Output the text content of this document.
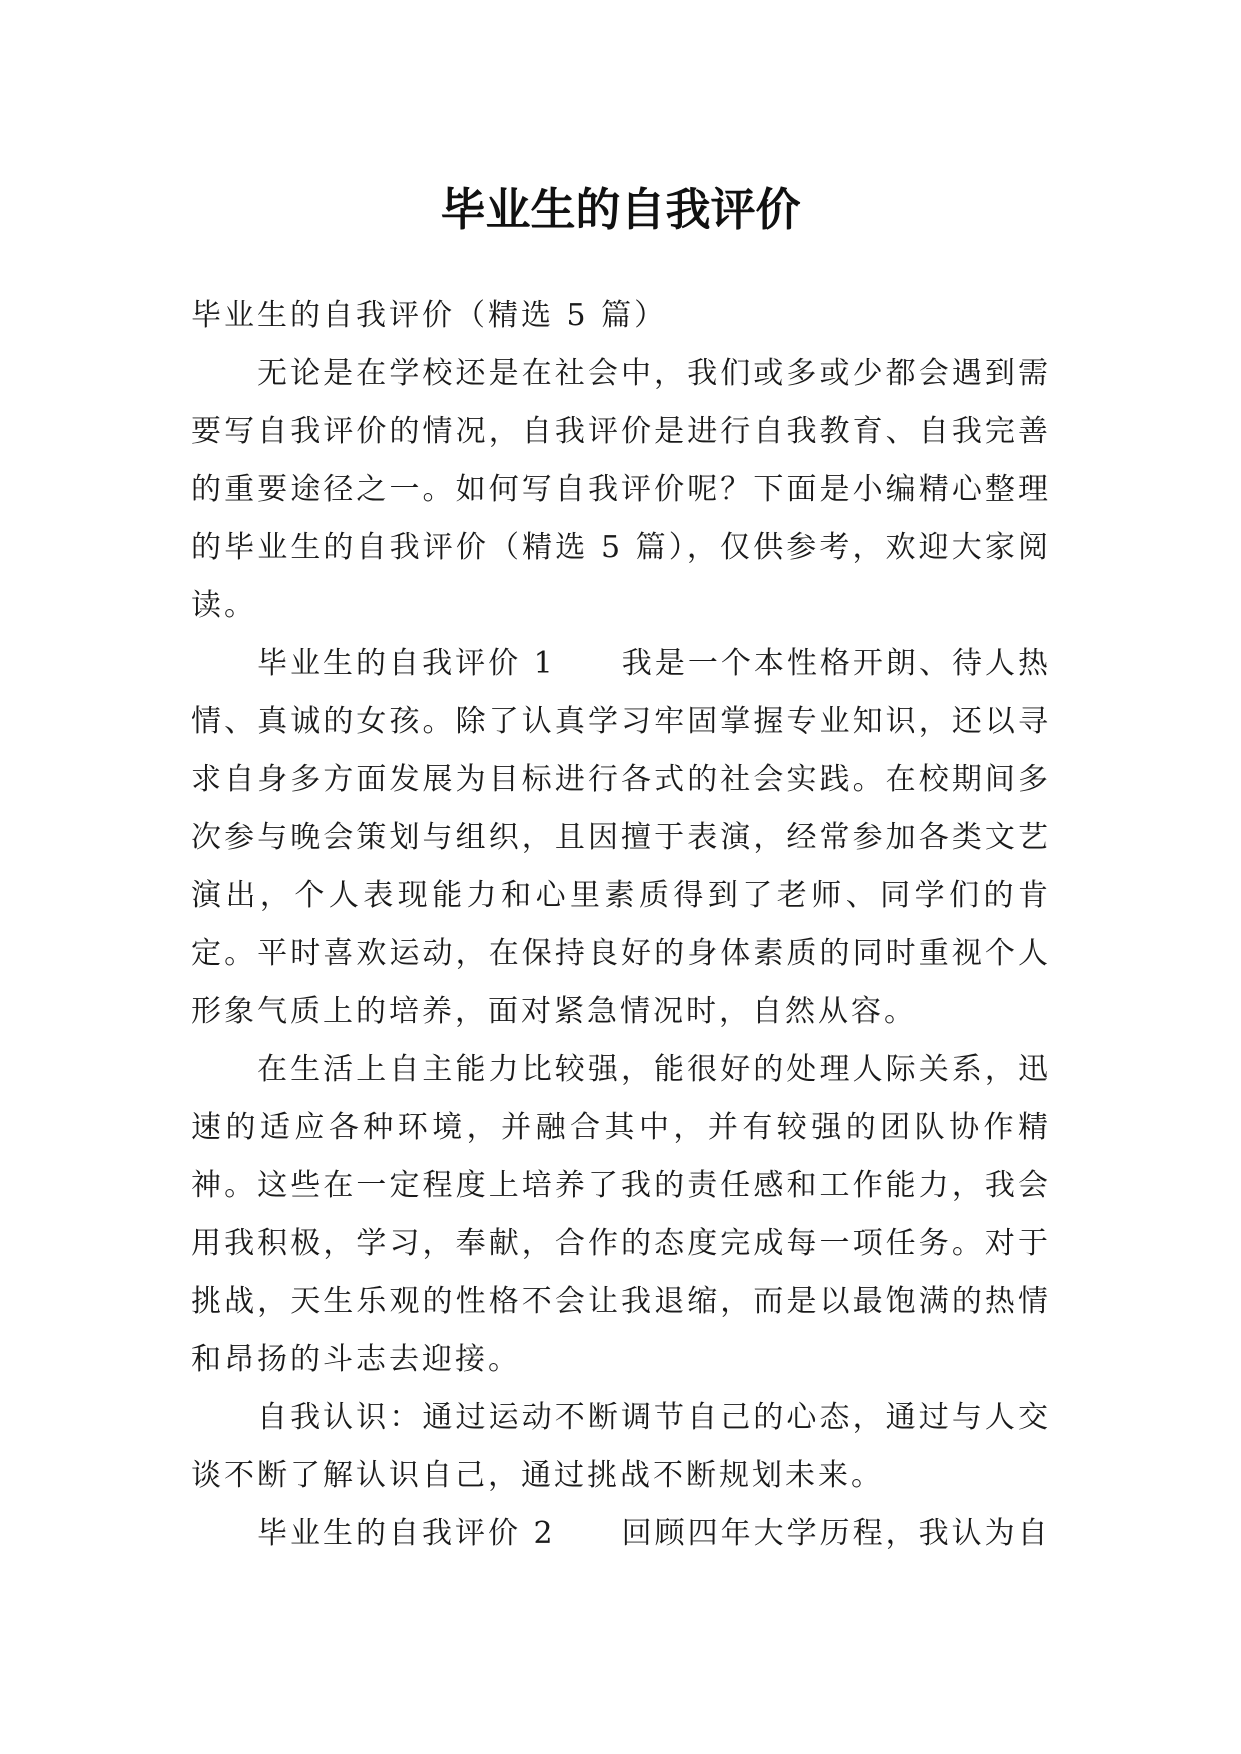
毕业生的自我评价

毕业生的自我评价（精选 5 篇）

无论是在学校还是在社会中，我们或多或少都会遇到需要写自我评价的情况，自我评价是进行自我教育、自我完善的重要途径之一。如何写自我评价呢？下面是小编精心整理的毕业生的自我评价（精选 5 篇），仅供参考，欢迎大家阅读。

毕业生的自我评价 1　　我是一个本性格开朗、待人热情、真诚的女孩。除了认真学习牢固掌握专业知识，还以寻求自身多方面发展为目标进行各式的社会实践。在校期间多次参与晚会策划与组织，且因擅于表演，经常参加各类文艺演出，个人表现能力和心里素质得到了老师、同学们的肯定。平时喜欢运动，在保持良好的身体素质的同时重视个人形象气质上的培养，面对紧急情况时，自然从容。

在生活上自主能力比较强，能很好的处理人际关系，迅速的适应各种环境，并融合其中，并有较强的团队协作精神。这些在一定程度上培养了我的责任感和工作能力，我会用我积极，学习，奉献，合作的态度完成每一项任务。对于挑战，天生乐观的性格不会让我退缩，而是以最饱满的热情和昂扬的斗志去迎接。

自我认识：通过运动不断调节自己的心态，通过与人交谈不断了解认识自己，通过挑战不断规划未来。

毕业生的自我评价 2　　回顾四年大学历程，我认为自
